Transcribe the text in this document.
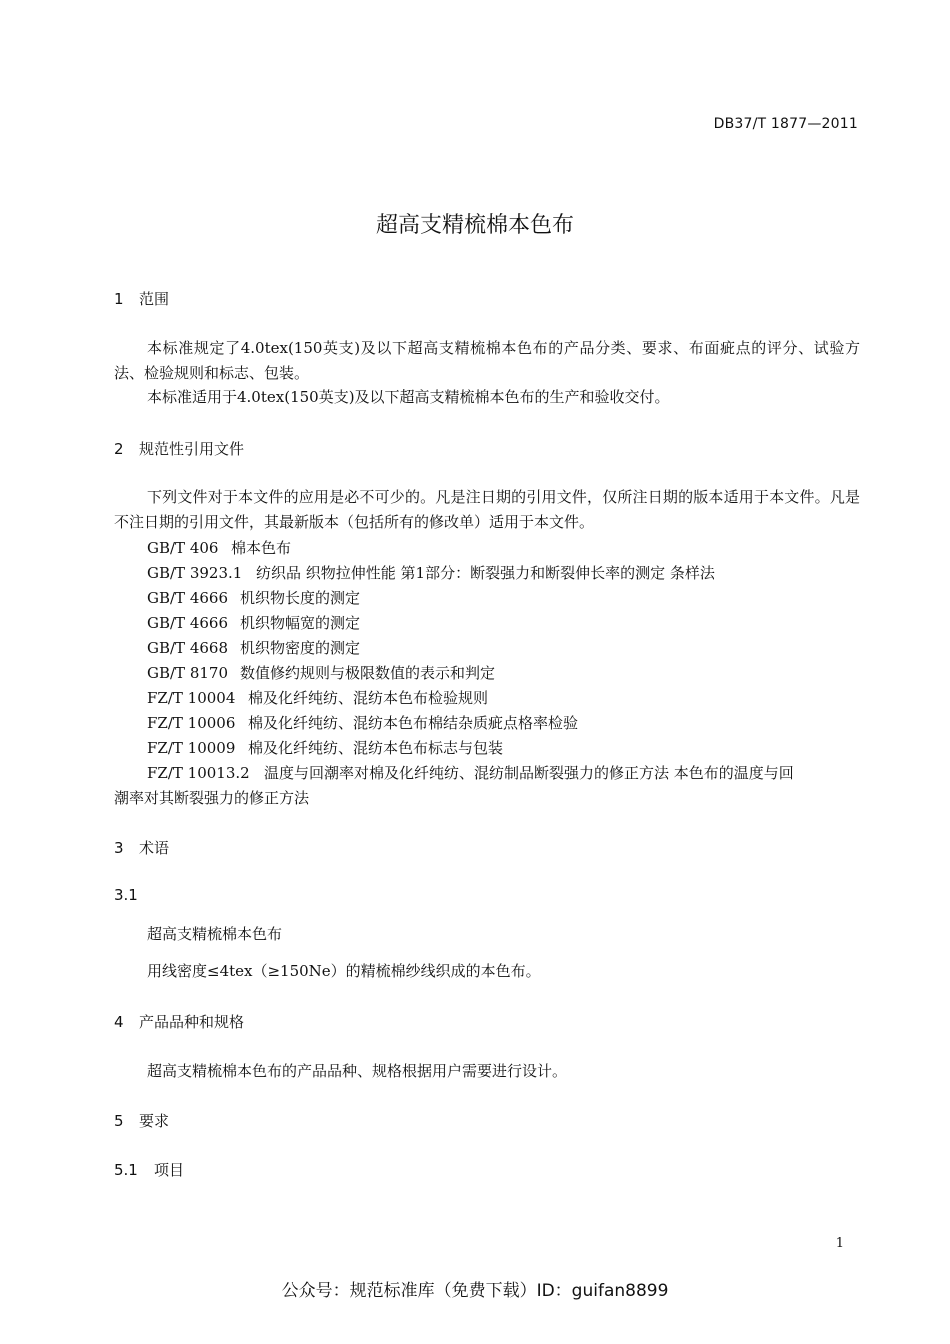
DB37/T 1877—2011
超高支精梳棉本色布
1 范围
本标准规定了4.0tex(150英支)及以下超高支精梳棉本色布的产品分类、要求、布面疵点的评分、试验方法、检验规则和标志、包装。
本标准适用于4.0tex(150英支)及以下超高支精梳棉本色布的生产和验收交付。
2 规范性引用文件
下列文件对于本文件的应用是必不可少的。凡是注日期的引用文件，仅所注日期的版本适用于本文件。凡是不注日期的引用文件，其最新版本（包括所有的修改单）适用于本文件。
GB/T 406 棉本色布
GB/T 3923.1 纺织品 织物拉伸性能 第1部分：断裂强力和断裂伸长率的测定 条样法
GB/T 4666 机织物长度的测定
GB/T 4666 机织物幅宽的测定
GB/T 4668 机织物密度的测定
GB/T 8170 数值修约规则与极限数值的表示和判定
FZ/T 10004 棉及化纤纯纺、混纺本色布检验规则
FZ/T 10006 棉及化纤纯纺、混纺本色布棉结杂质疵点格率检验
FZ/T 10009 棉及化纤纯纺、混纺本色布标志与包装
FZ/T 10013.2 温度与回潮率对棉及化纤纯纺、混纺制品断裂强力的修正方法 本色布的温度与回
潮率对其断裂强力的修正方法
3 术语
3.1
超高支精梳棉本色布
用线密度≤4tex（≥150Ne）的精梳棉纱线织成的本色布。
4 产品品种和规格
超高支精梳棉本色布的产品品种、规格根据用户需要进行设计。
5 要求
5.1 项目
1
公众号：规范标准库（免费下载）ID：guifan8899
